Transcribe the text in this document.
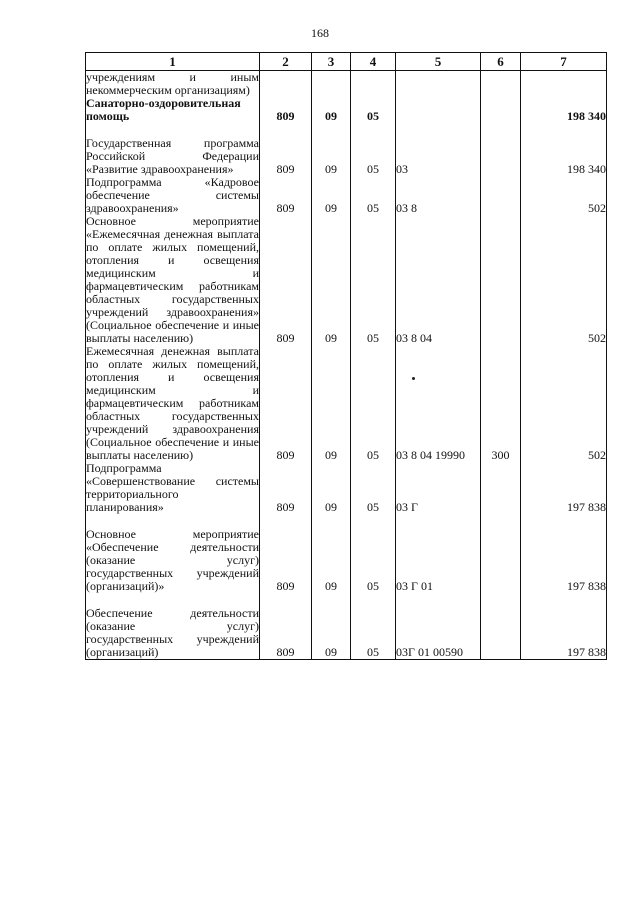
168
1	2	3	4	5	6	7
учреждениям и иным некоммерческим организациям)						
Санаторно-оздоровительная помощь	809	09	05			198 340

Государственная программа Российской Федерации «Развитие здравоохранения»	809	09	05	03		198 340
Подпрограмма «Кадровое обеспечение системы здравоохранения»	809	09	05	03 8		502
Основное мероприятие «Ежемесячная денежная выплата по оплате жилых помещений, отопления и освещения медицинским и фармацевтическим работникам областных государственных учреждений здравоохранения» (Социальное обеспечение и иные выплаты населению)	809	09	05	03 8 04		502
Ежемесячная денежная выплата по оплате жилых помещений, отопления и освещения медицинским и фармацевтическим работникам областных государственных учреждений здравоохранения (Социальное обеспечение и иные выплаты населению)	809	09	05	03 8 04 19990	300	502
Подпрограмма «Совершенствование системы территориального планирования»	809	09	05	03 Г		197 838

Основное мероприятие «Обеспечение деятельности (оказание услуг) государственных учреждений (организаций)»	809	09	05	03 Г 01		197 838

Обеспечение деятельности (оказание услуг) государственных учреждений (организаций)	809	09	05	03Г 01 00590		197 838
